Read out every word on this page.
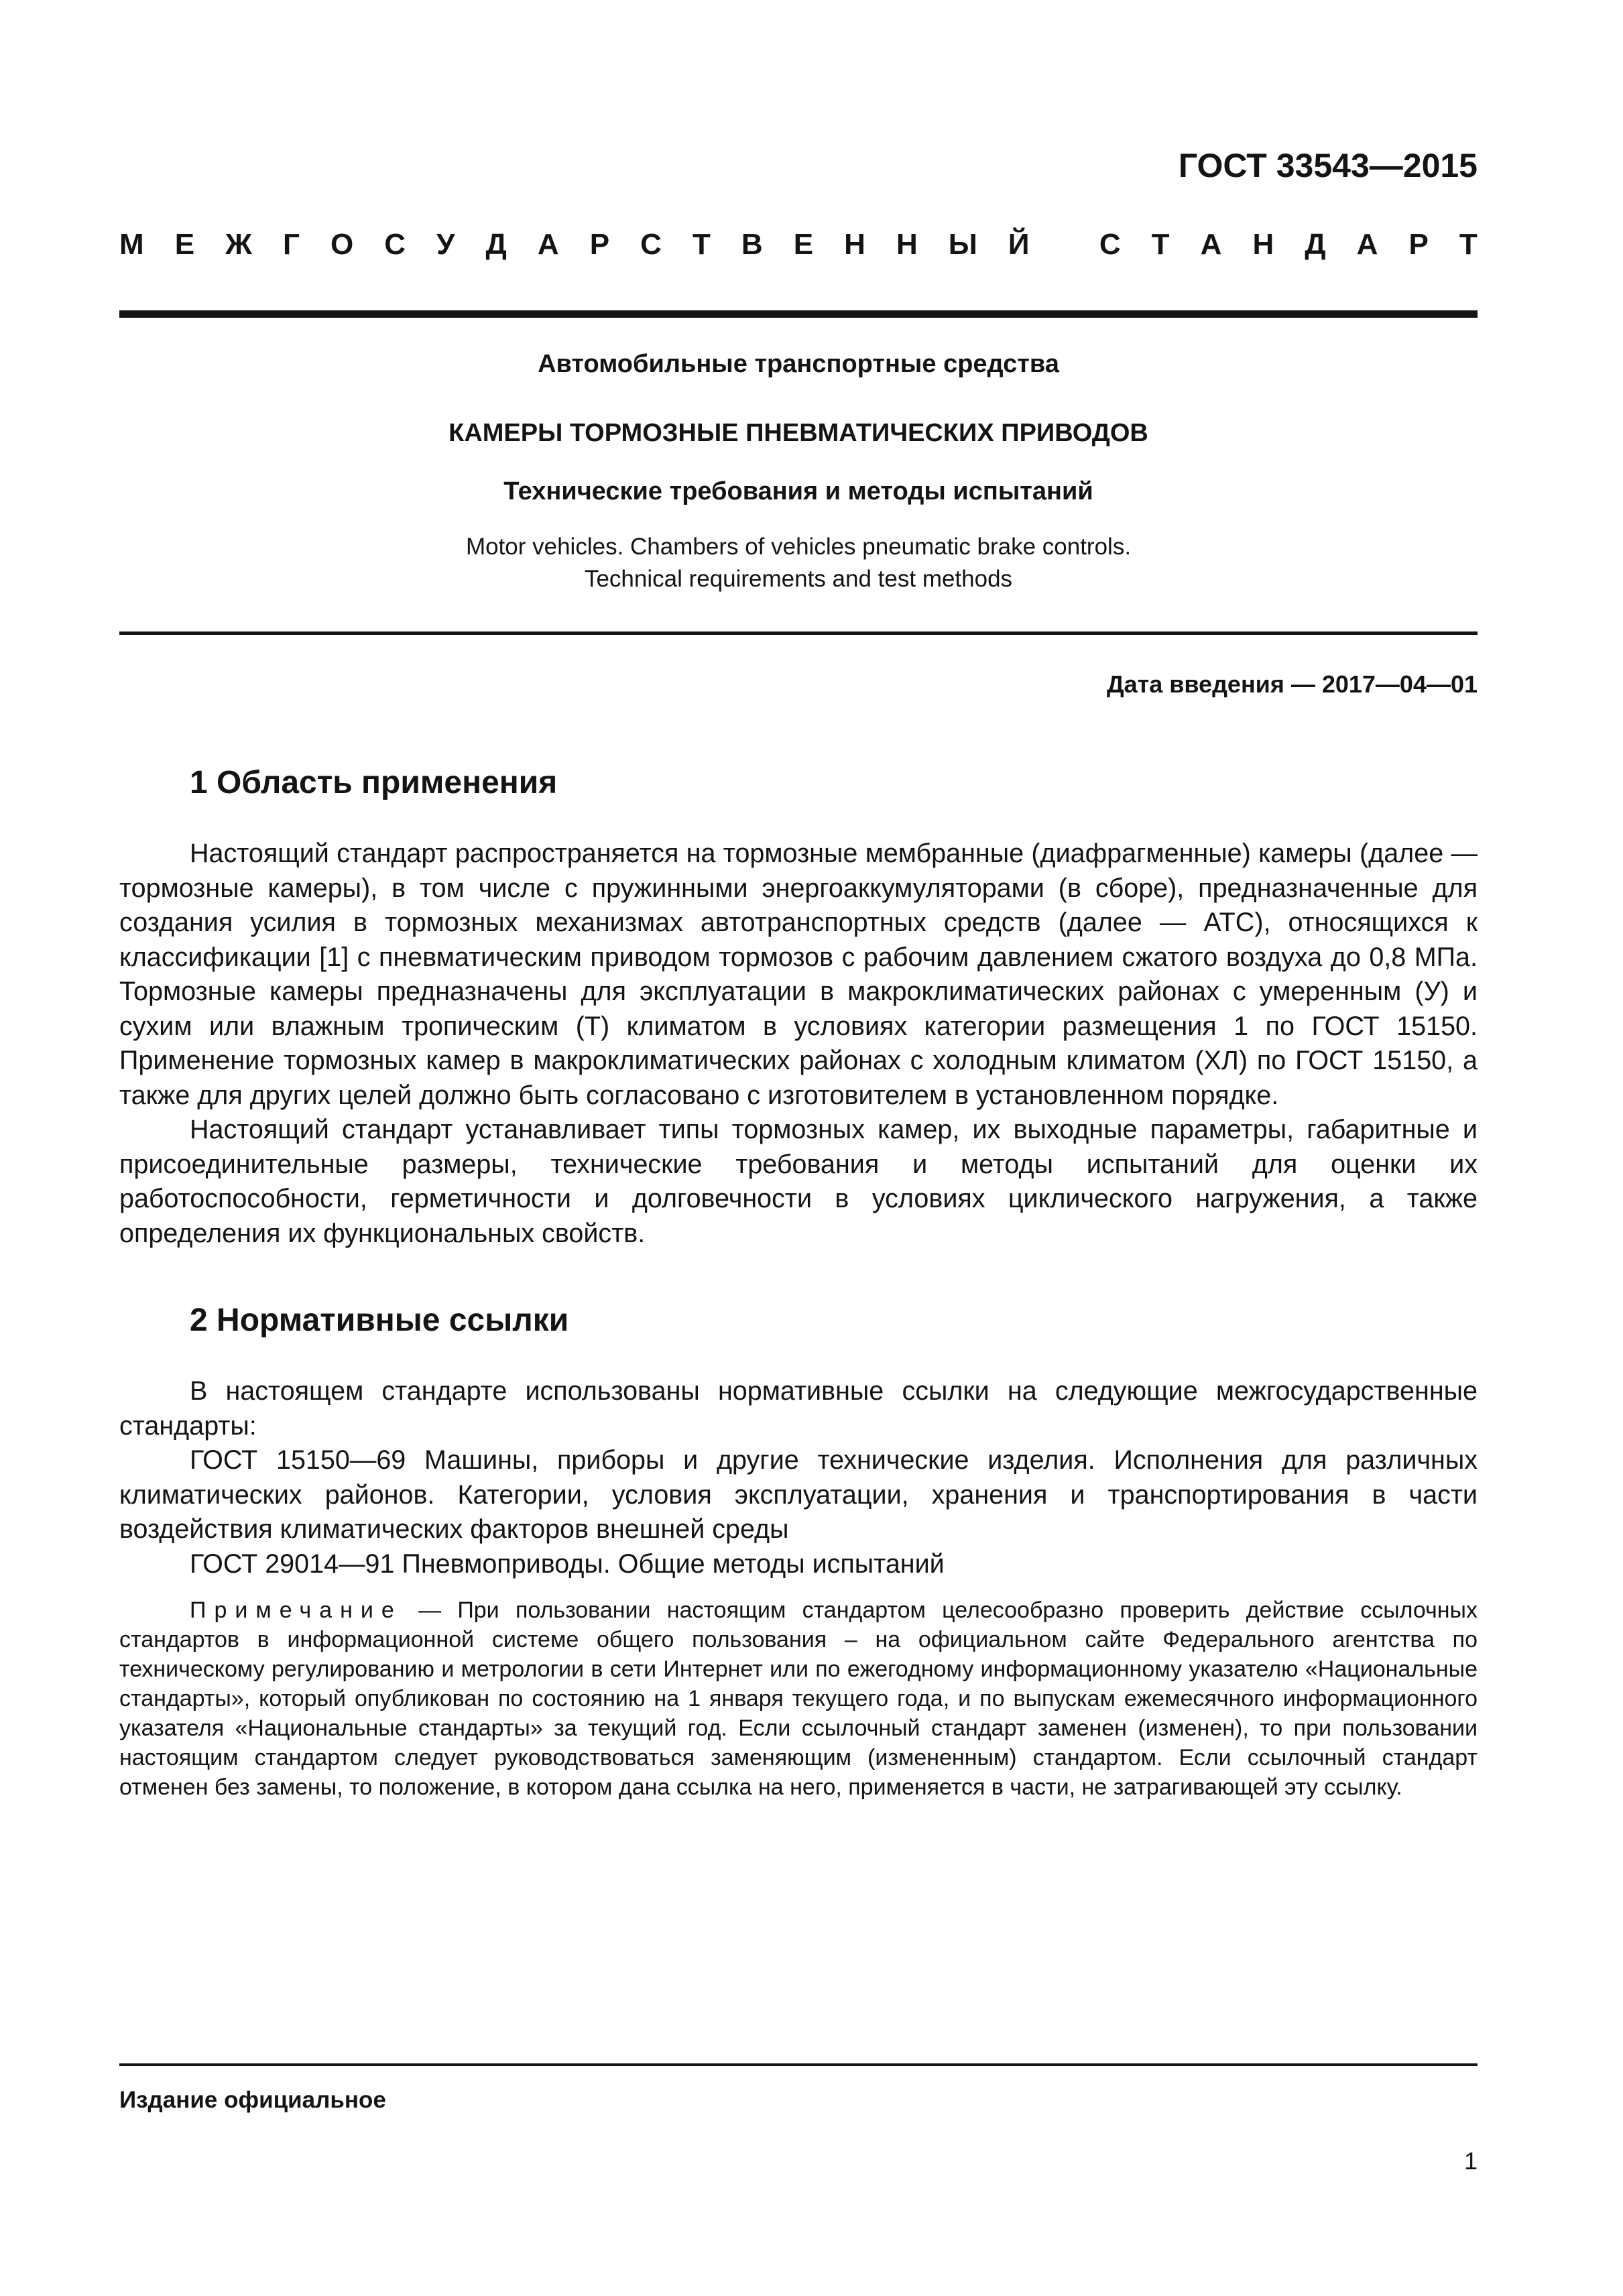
ГОСТ 33543—2015
М Е Ж Г О С У Д А Р С Т В Е Н Н Ы Й
С Т А Н Д А Р Т
Автомобильные транспортные средства
КАМЕРЫ ТОРМОЗНЫЕ ПНЕВМАТИЧЕСКИХ ПРИВОДОВ
Технические требования и методы испытаний
Motor vehicles. Chambers of vehicles pneumatic brake controls.
Technical requirements and test methods
Дата введения — 2017—04—01
1 Область применения

Настоящий стандарт распространяется на тормозные мембранные (диафрагменные) камеры (далее — тормозные камеры), в том числе с пружинными энергоаккумуляторами (в сборе), предназначенные для создания усилия в тормозных механизмах автотранспортных средств (далее — АТС), относящихся к классификации [1] с пневматическим приводом тормозов с рабочим давлением сжатого воздуха до 0,8 МПа. Тормозные камеры предназначены для эксплуатации в макроклиматических районах с умеренным (У) и сухим или влажным тропическим (Т) климатом в условиях категории размещения 1 по ГОСТ 15150. Применение тормозных камер в макроклиматических районах с холодным климатом (ХЛ) по ГОСТ 15150, а также для других целей должно быть согласовано с изготовителем в установленном порядке.

Настоящий стандарт устанавливает типы тормозных камер, их выходные параметры, габаритные и присоединительные размеры, технические требования и методы испытаний для оценки их работоспособности, герметичности и долговечности в условиях циклического нагружения, а также определения их функциональных свойств.

2 Нормативные ссылки

В настоящем стандарте использованы нормативные ссылки на следующие межгосударственные стандарты:

ГОСТ 15150—69 Машины, приборы и другие технические изделия. Исполнения для различных климатических районов. Категории, условия эксплуатации, хранения и транспортирования в части воздействия климатических факторов внешней среды

ГОСТ 29014—91 Пневмоприводы. Общие методы испытаний

Примечание — При пользовании настоящим стандартом целесообразно проверить действие ссылочных стандартов в информационной системе общего пользования – на официальном сайте Федерального агентства по техническому регулированию и метрологии в сети Интернет или по ежегодному информационному указателю «Национальные стандарты», который опубликован по состоянию на 1 января текущего года, и по выпускам ежемесячного информационного указателя «Национальные стандарты» за текущий год. Если ссылочный стандарт заменен (изменен), то при пользовании настоящим стандартом следует руководствоваться заменяющим (измененным) стандартом. Если ссылочный стандарт отменен без замены, то положение, в котором дана ссылка на него, применяется в части, не затрагивающей эту ссылку.

Издание официальное
1
